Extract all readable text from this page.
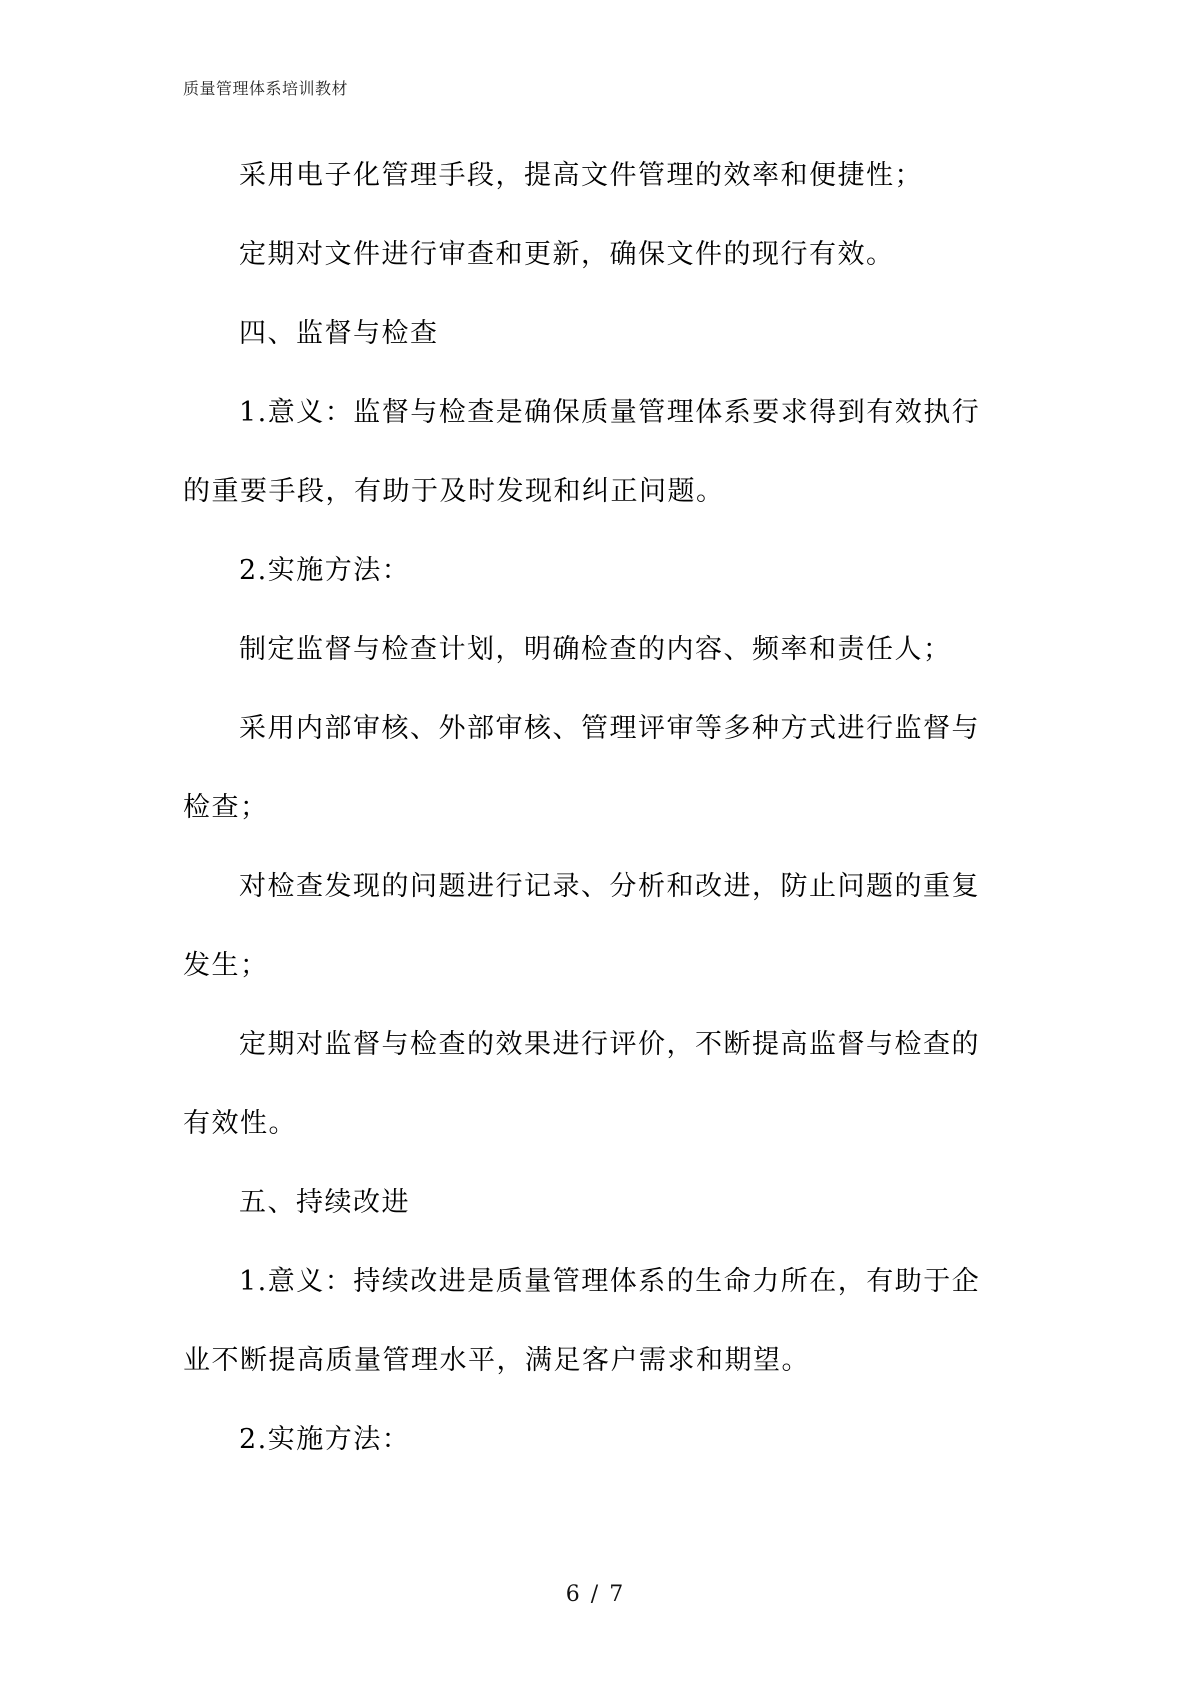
质量管理体系培训教材

采用电子化管理手段，提高文件管理的效率和便捷性；

定期对文件进行审查和更新，确保文件的现行有效。

四、监督与检查

1.意义：监督与检查是确保质量管理体系要求得到有效执行的重要手段，有助于及时发现和纠正问题。

2.实施方法：

制定监督与检查计划，明确检查的内容、频率和责任人；

采用内部审核、外部审核、管理评审等多种方式进行监督与检查；

对检查发现的问题进行记录、分析和改进，防止问题的重复发生；

定期对监督与检查的效果进行评价，不断提高监督与检查的有效性。

五、持续改进

1.意义：持续改进是质量管理体系的生命力所在，有助于企业不断提高质量管理水平，满足客户需求和期望。

2.实施方法：

6 / 7
